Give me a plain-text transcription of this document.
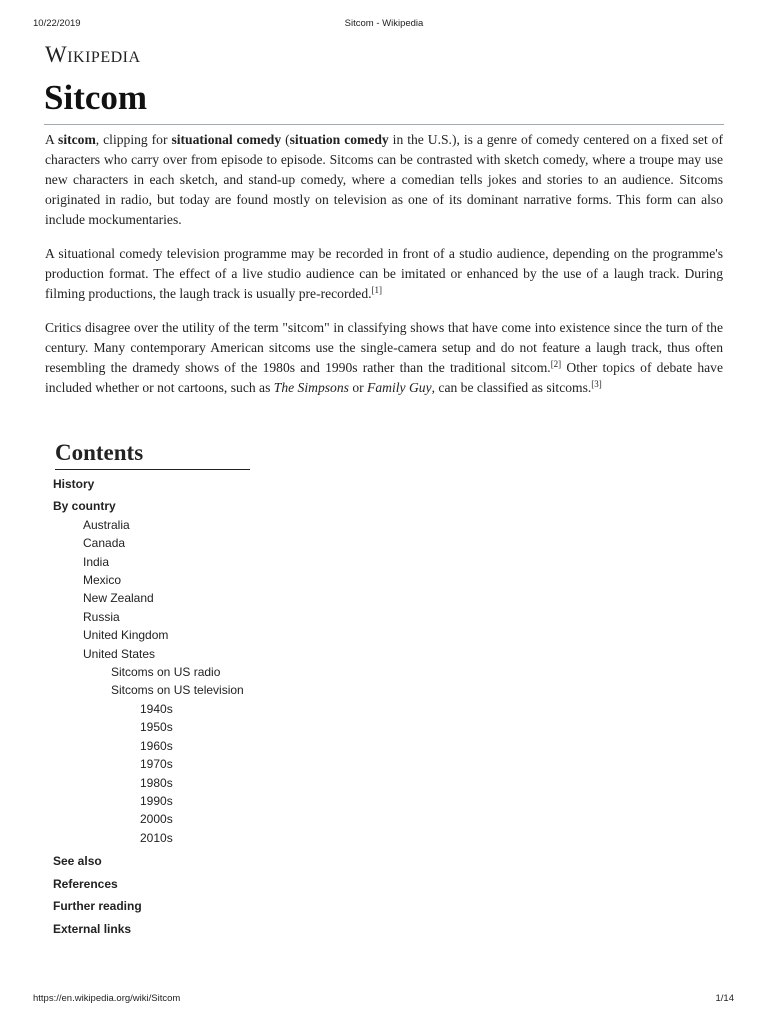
10/22/2019	Sitcom - Wikipedia
Wikipedia
Sitcom

A sitcom, clipping for situational comedy (situation comedy in the U.S.), is a genre of comedy centered on a fixed set of characters who carry over from episode to episode. Sitcoms can be contrasted with sketch comedy, where a troupe may use new characters in each sketch, and stand-up comedy, where a comedian tells jokes and stories to an audience. Sitcoms originated in radio, but today are found mostly on television as one of its dominant narrative forms. This form can also include mockumentaries.

A situational comedy television programme may be recorded in front of a studio audience, depending on the programme's production format. The effect of a live studio audience can be imitated or enhanced by the use of a laugh track. During filming productions, the laugh track is usually pre-recorded.[1]

Critics disagree over the utility of the term "sitcom" in classifying shows that have come into existence since the turn of the century. Many contemporary American sitcoms use the single-camera setup and do not feature a laugh track, thus often resembling the dramedy shows of the 1980s and 1990s rather than the traditional sitcom.[2] Other topics of debate have included whether or not cartoons, such as The Simpsons or Family Guy, can be classified as sitcoms.[3]

Contents
History
By country
Australia
Canada
India
Mexico
New Zealand
Russia
United Kingdom
United States
Sitcoms on US radio
Sitcoms on US television
1940s
1950s
1960s
1970s
1980s
1990s
2000s
2010s
See also
References
Further reading
External links
https://en.wikipedia.org/wiki/Sitcom	1/14
